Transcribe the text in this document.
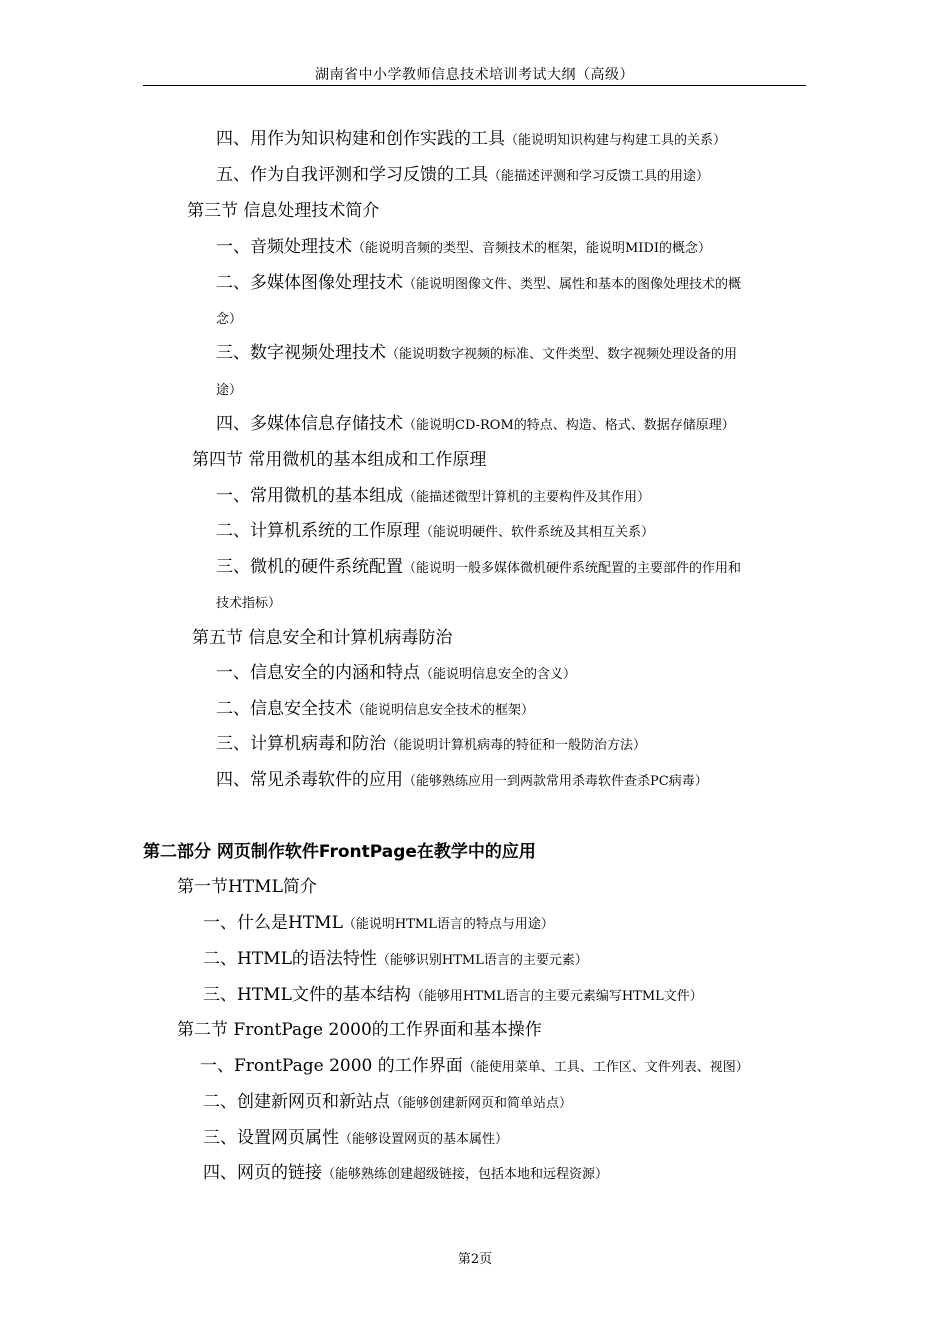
湖南省中小学教师信息技术培训考试大纲（高级）
四、用作为知识构建和创作实践的工具（能说明知识构建与构建工具的关系）
五、作为自我评测和学习反馈的工具（能描述评测和学习反馈工具的用途）
第三节 信息处理技术简介
一、音频处理技术（能说明音频的类型、音频技术的框架，能说明MIDI的概念）
二、多媒体图像处理技术（能说明图像文件、类型、属性和基本的图像处理技术的概
念）
三、数字视频处理技术（能说明数字视频的标准、文件类型、数字视频处理设备的用
途）
四、多媒体信息存储技术（能说明CD-ROM的特点、构造、格式、数据存储原理）
第四节 常用微机的基本组成和工作原理
一、常用微机的基本组成（能描述微型计算机的主要构件及其作用）
二、计算机系统的工作原理（能说明硬件、软件系统及其相互关系）
三、微机的硬件系统配置（能说明一般多媒体微机硬件系统配置的主要部件的作用和
技术指标）
第五节 信息安全和计算机病毒防治
一、信息安全的内涵和特点（能说明信息安全的含义）
二、信息安全技术（能说明信息安全技术的框架）
三、计算机病毒和防治（能说明计算机病毒的特征和一般防治方法）
四、常见杀毒软件的应用（能够熟练应用一到两款常用杀毒软件查杀PC病毒）
第二部分 网页制作软件FrontPage在教学中的应用
第一节HTML简介
一、什么是HTML（能说明HTML语言的特点与用途）
二、HTML的语法特性（能够识别HTML语言的主要元素）
三、HTML文件的基本结构（能够用HTML语言的主要元素编写HTML文件）
第二节 FrontPage 2000的工作界面和基本操作
一、FrontPage 2000 的工作界面（能使用菜单、工具、工作区、文件列表、视图）
二、创建新网页和新站点（能够创建新网页和简单站点）
三、设置网页属性（能够设置网页的基本属性）
四、网页的链接（能够熟练创建超级链接，包括本地和远程资源）
第2页
